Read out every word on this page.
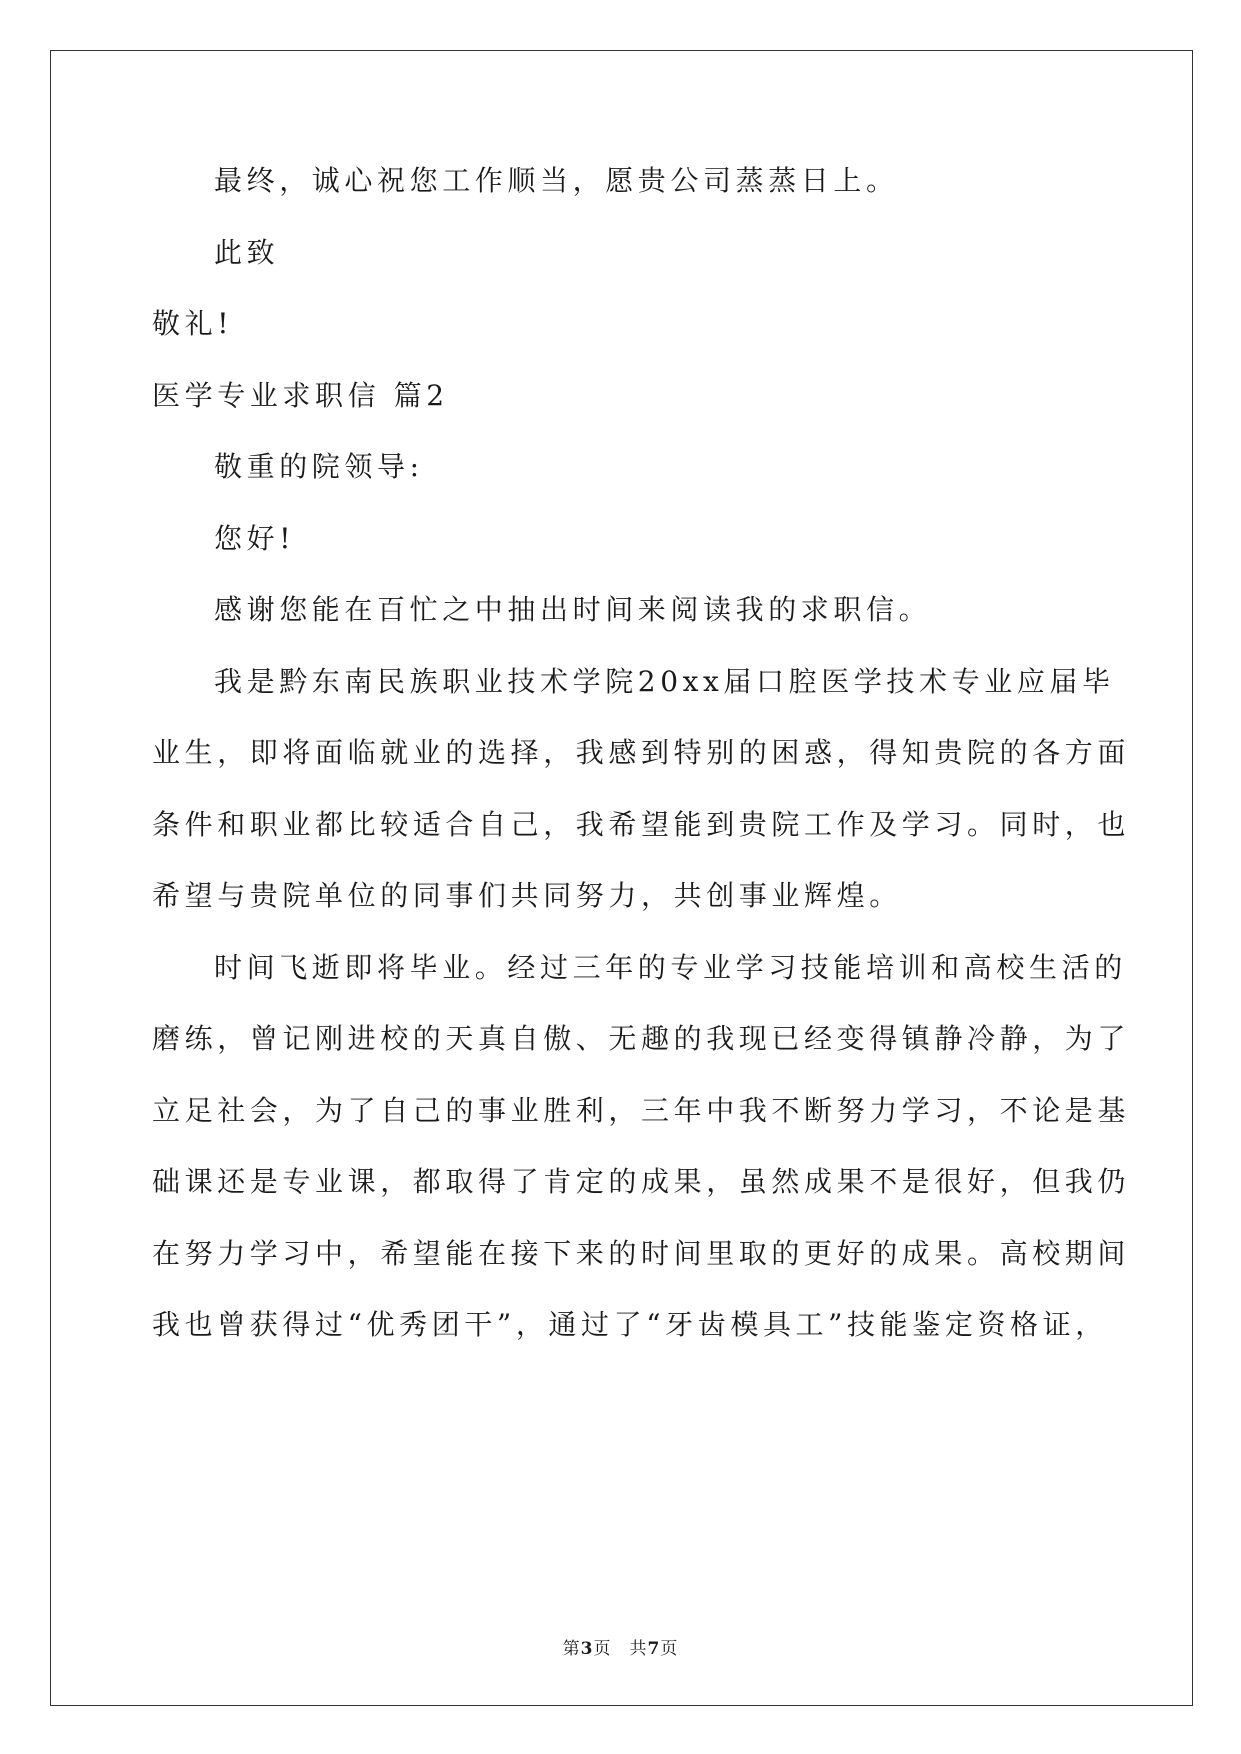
最终，诚心祝您工作顺当，愿贵公司蒸蒸日上。
此致
敬礼!
医学专业求职信 篇2
敬重的院领导:
您好!
感谢您能在百忙之中抽出时间来阅读我的求职信。
我是黔东南民族职业技术学院20xx届口腔医学技术专业应届毕
业生，即将面临就业的选择，我感到特别的困惑，得知贵院的各方面
条件和职业都比较适合自己，我希望能到贵院工作及学习。同时，也
希望与贵院单位的同事们共同努力，共创事业辉煌。
时间飞逝即将毕业。经过三年的专业学习技能培训和高校生活的
磨练，曾记刚进校的天真自傲、无趣的我现已经变得镇静冷静，为了
立足社会，为了自己的事业胜利，三年中我不断努力学习，不论是基
础课还是专业课，都取得了肯定的成果，虽然成果不是很好，但我仍
在努力学习中，希望能在接下来的时间里取的更好的成果。高校期间
我也曾获得过“优秀团干”，通过了“牙齿模具工”技能鉴定资格证，
第3页　共7页
